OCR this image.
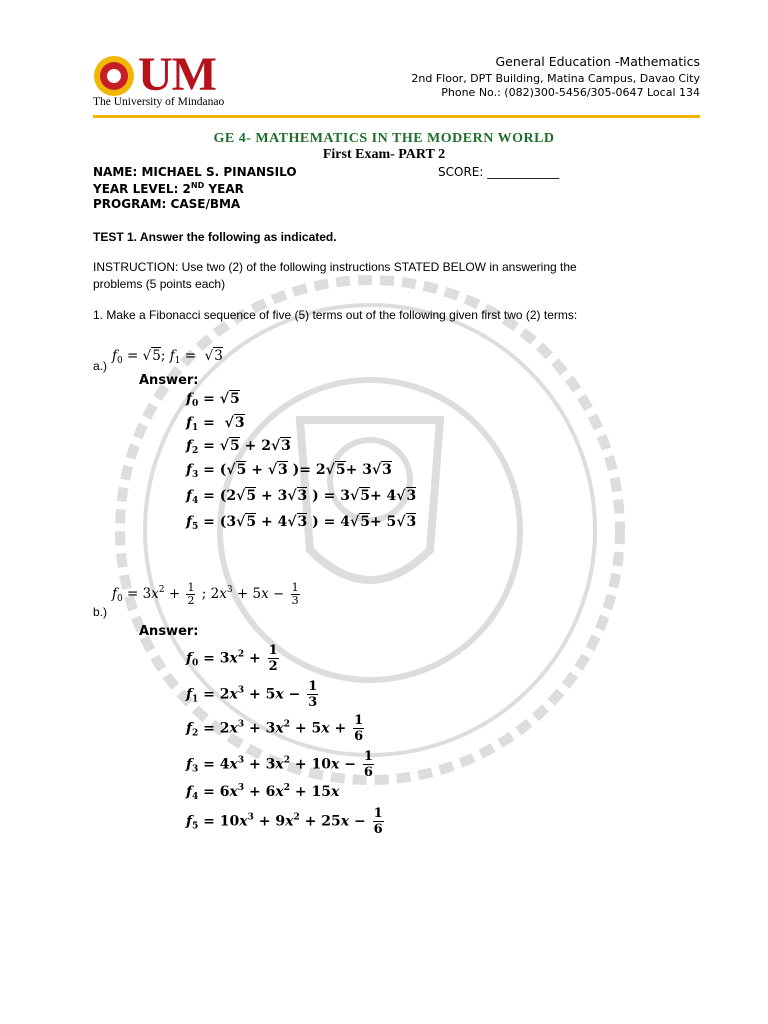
UM
The University of Mindanao
General Education -Mathematics
2nd Floor, DPT Building, Matina Campus, Davao City
Phone No.: (082)300-5456/305-0647 Local 134
GE 4- MATHEMATICS IN THE MODERN WORLD
First Exam- PART 2
NAME: MICHAEL S. PINANSILO	SCORE: ____________
YEAR LEVEL: 2ND YEAR
PROGRAM: CASE/BMA
TEST 1. Answer the following as indicated.
INSTRUCTION: Use two (2) of the following instructions STATED BELOW in answering the problems (5 points each)
1. Make a Fibonacci sequence of five (5) terms out of the following given first two (2) terms:
a.)
$f_0 = √5$; $f_1 = √3$
Answer:
$f_0 = √5$
$f_1 = √3$
$f_2 = √5 + 2√3$
$f_3 = (√5 + √3$ )= 2√5+ 3√3
$f_4 = (2√5 + 3√3$ ) = 3√5+ 4√3
$f_5 = (3√5 + 4√3$ ) = 4√5+ 5√3
b.)
$f_0 = 3x^2 + \frac{1}{2}$ ; $2x^3 + 5x - \frac{1}{3}$
Answer:
$f_0 = 3x^2 + \frac{1}{2}$
$f_1 = 2x^3 + 5x - \frac{1}{3}$
$f_2 = 2x^3 + 3x^2 + 5x + \frac{1}{6}$
$f_3 = 4x^3 + 3x^2 + 10x - \frac{1}{6}$
$f_4 = 6x^3 + 6x^2 + 15x$
$f_5 = 10x^3 + 9x^2 + 25x - \frac{1}{6}$
